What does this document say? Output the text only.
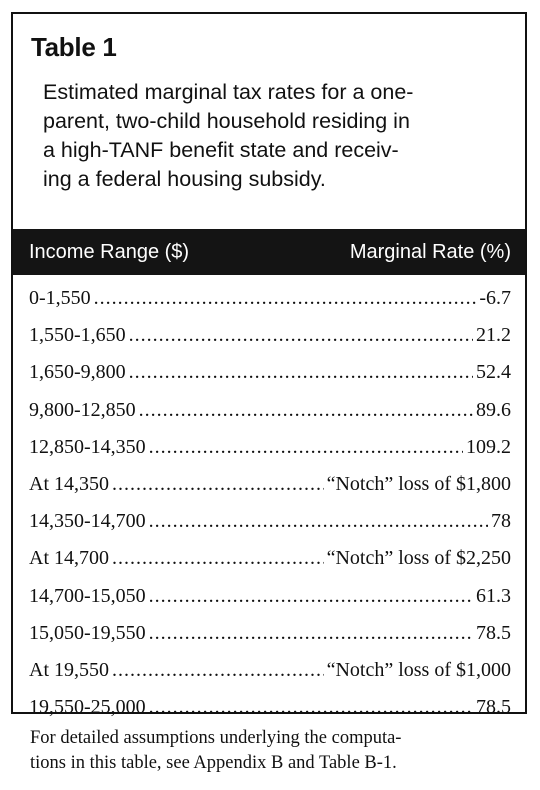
Table 1
Estimated marginal tax rates for a one-
parent, two-child household residing in
a high-TANF benefit state and receiv-
ing a federal housing subsidy.
Income Range ($)	Marginal Rate (%)
0-1,550 .....	-6.7
1,550-1,650 .....	21.2
1,650-9,800 .....	52.4
9,800-12,850 .....	89.6
12,850-14,350 .....	109.2
At 14,350 .....	“Notch” loss of $1,800
14,350-14,700 .....	78
At 14,700 .....	“Notch” loss of $2,250
14,700-15,050 .....	61.3
15,050-19,550 .....	78.5
At 19,550 .....	“Notch” loss of $1,000
19,550-25,000 .....	78.5
For detailed assumptions underlying the computa-
tions in this table, see Appendix B and Table B-1.
